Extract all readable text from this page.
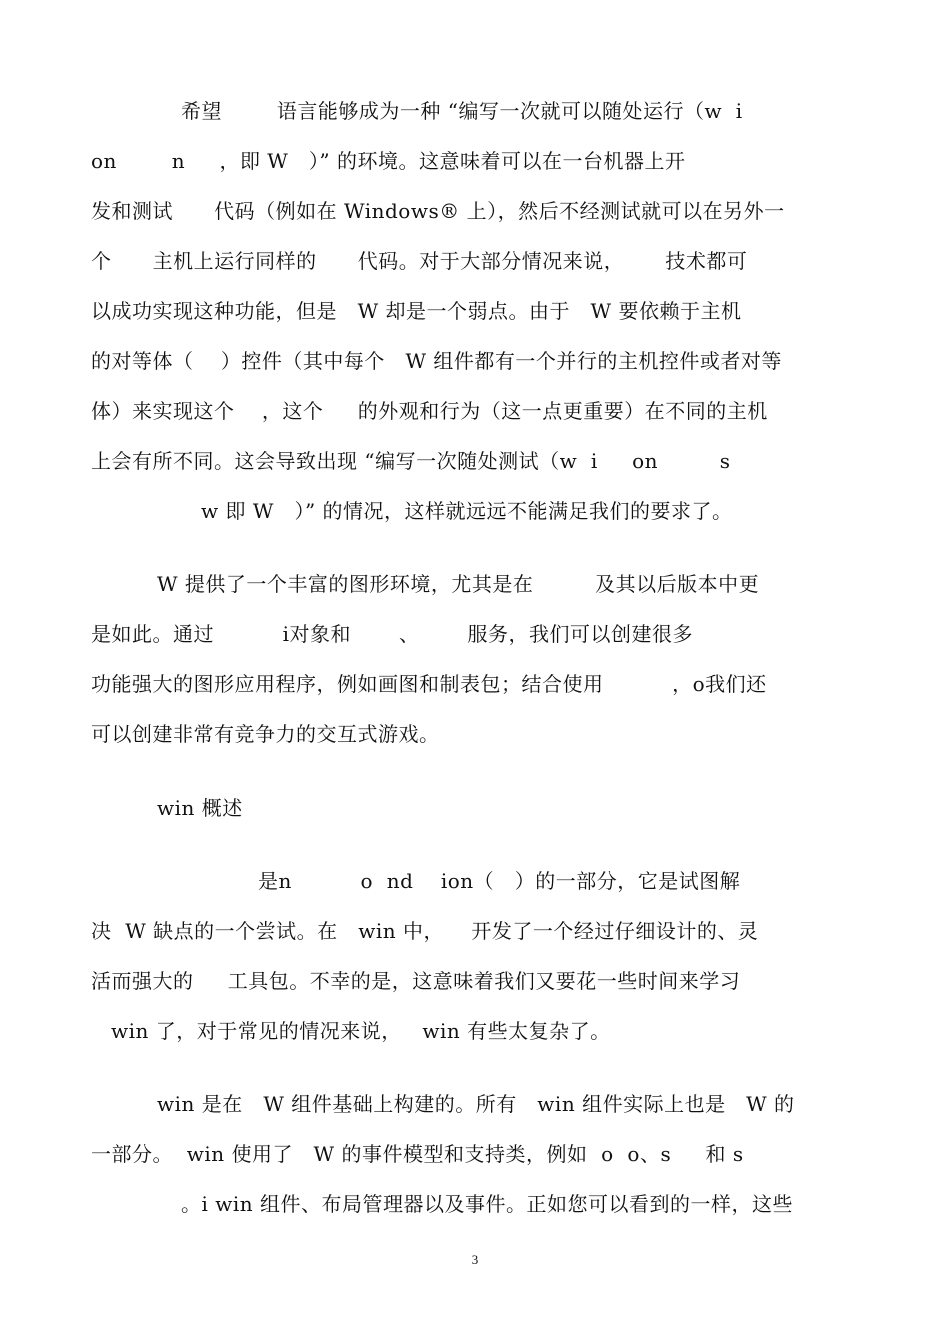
希望        语言能够成为一种 “编写一次就可以随处运行（w  i
on        n     ，即 W   ）” 的环境。这意味着可以在一台机器上开
发和测试      代码（例如在 Windows® 上），然后不经测试就可以在另外一
个      主机上运行同样的      代码。对于大部分情况来说，      技术都可
以成功实现这种功能，但是   W 却是一个弱点。由于   W 要依赖于主机
的对等体（    ）控件（其中每个   W 组件都有一个并行的主机控件或者对等
体）来实现这个    ，这个     的外观和行为（这一点更重要）在不同的主机
上会有所不同。这会导致出现 “编写一次随处测试（w  i     on         s
w 即 W   ）” 的情况，这样就远远不能满足我们的要求了。
W 提供了一个丰富的图形环境，尤其是在         及其以后版本中更
是如此。通过          i对象和       、       服务，我们可以创建很多
功能强大的图形应用程序，例如画图和制表包；结合使用          ，o我们还
可以创建非常有竞争力的交互式游戏。
win 概述
是n          o  nd    ion（   ）的一部分，它是试图解
决  W 缺点的一个尝试。在   win 中，    开发了一个经过仔细设计的、灵
活而强大的     工具包。不幸的是，这意味着我们又要花一些时间来学习
win 了，对于常见的情况来说，   win 有些太复杂了。
win 是在   W 组件基础上构建的。所有   win 组件实际上也是   W 的
一部分。  win 使用了   W 的事件模型和支持类，例如  o  o、s     和 s
。i win 组件、布局管理器以及事件。正如您可以看到的一样，这些
3
